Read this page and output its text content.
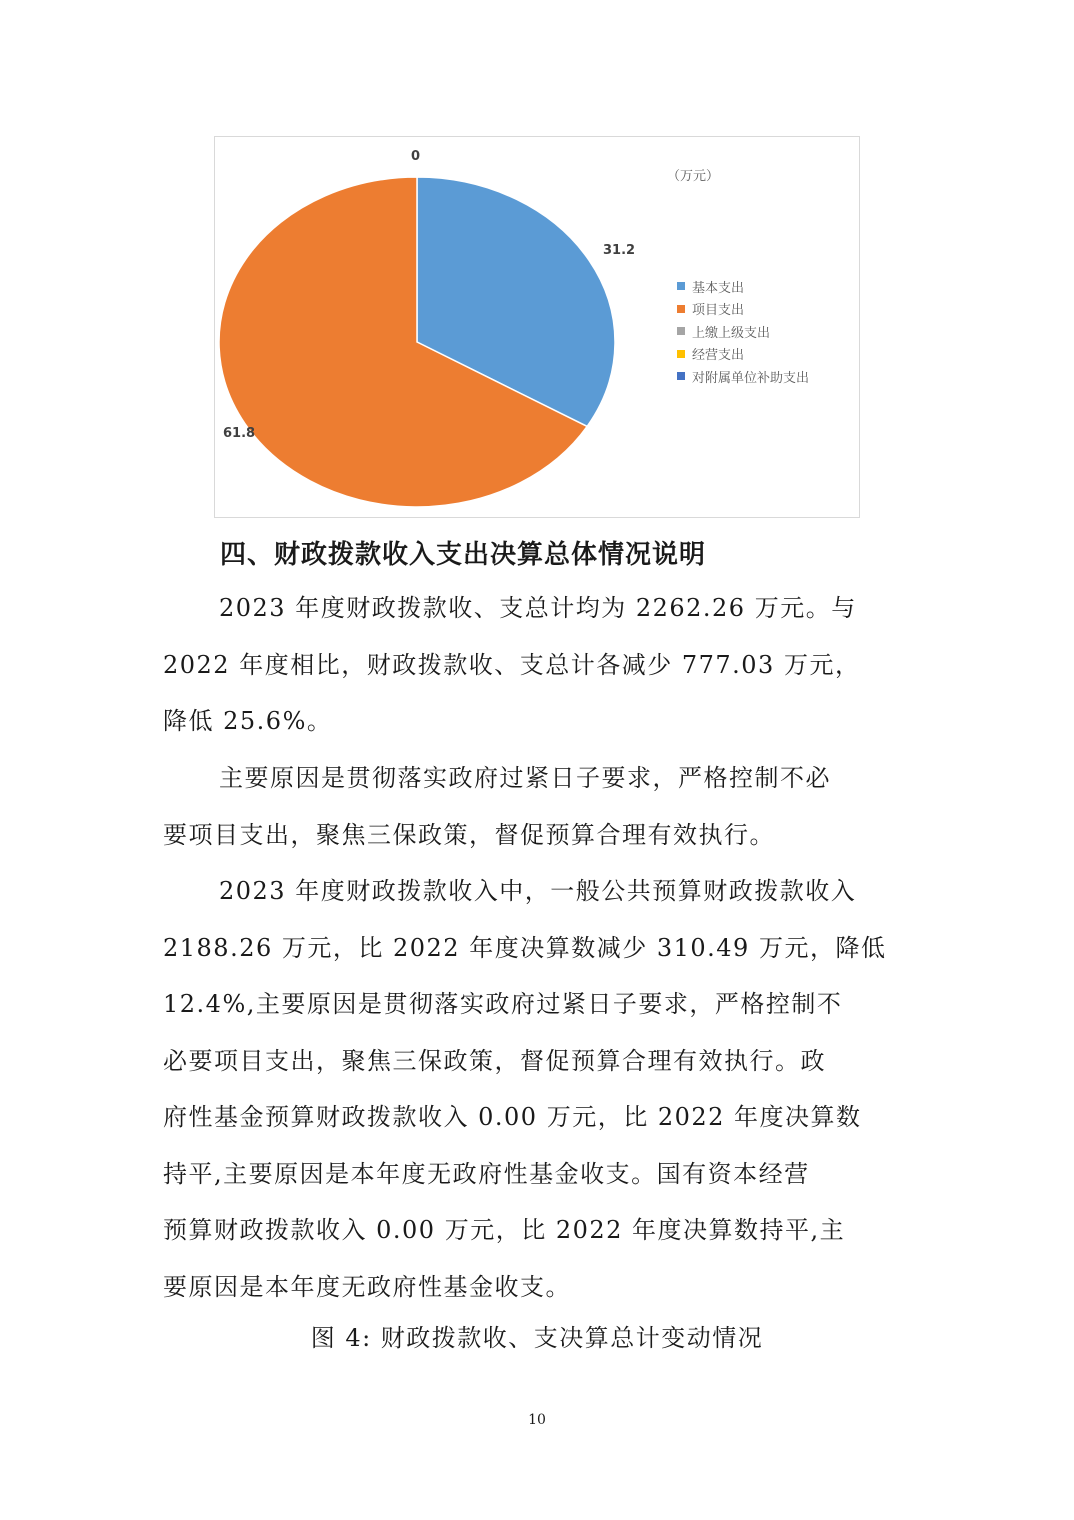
0
31.2
61.8
（万元）
基本支出
项目支出
上缴上级支出
经营支出
对附属单位补助支出
四、财政拨款收入支出决算总体情况说明

2023 年度财政拨款收、支总计均为 2262.26 万元。与

2022 年度相比，财政拨款收、支总计各减少 777.03 万元，

降低 25.6%。

主要原因是贯彻落实政府过紧日子要求，严格控制不必

要项目支出，聚焦三保政策，督促预算合理有效执行。

2023 年度财政拨款收入中，一般公共预算财政拨款收入

2188.26 万元，比 2022 年度决算数减少 310.49 万元，降低

12.4%,主要原因是贯彻落实政府过紧日子要求，严格控制不

必要项目支出，聚焦三保政策，督促预算合理有效执行。政

府性基金预算财政拨款收入 0.00 万元，比 2022 年度决算数

持平,主要原因是本年度无政府性基金收支。国有资本经营

预算财政拨款收入 0.00 万元，比 2022 年度决算数持平,主

要原因是本年度无政府性基金收支。

图 4: 财政拨款收、支决算总计变动情况
10
